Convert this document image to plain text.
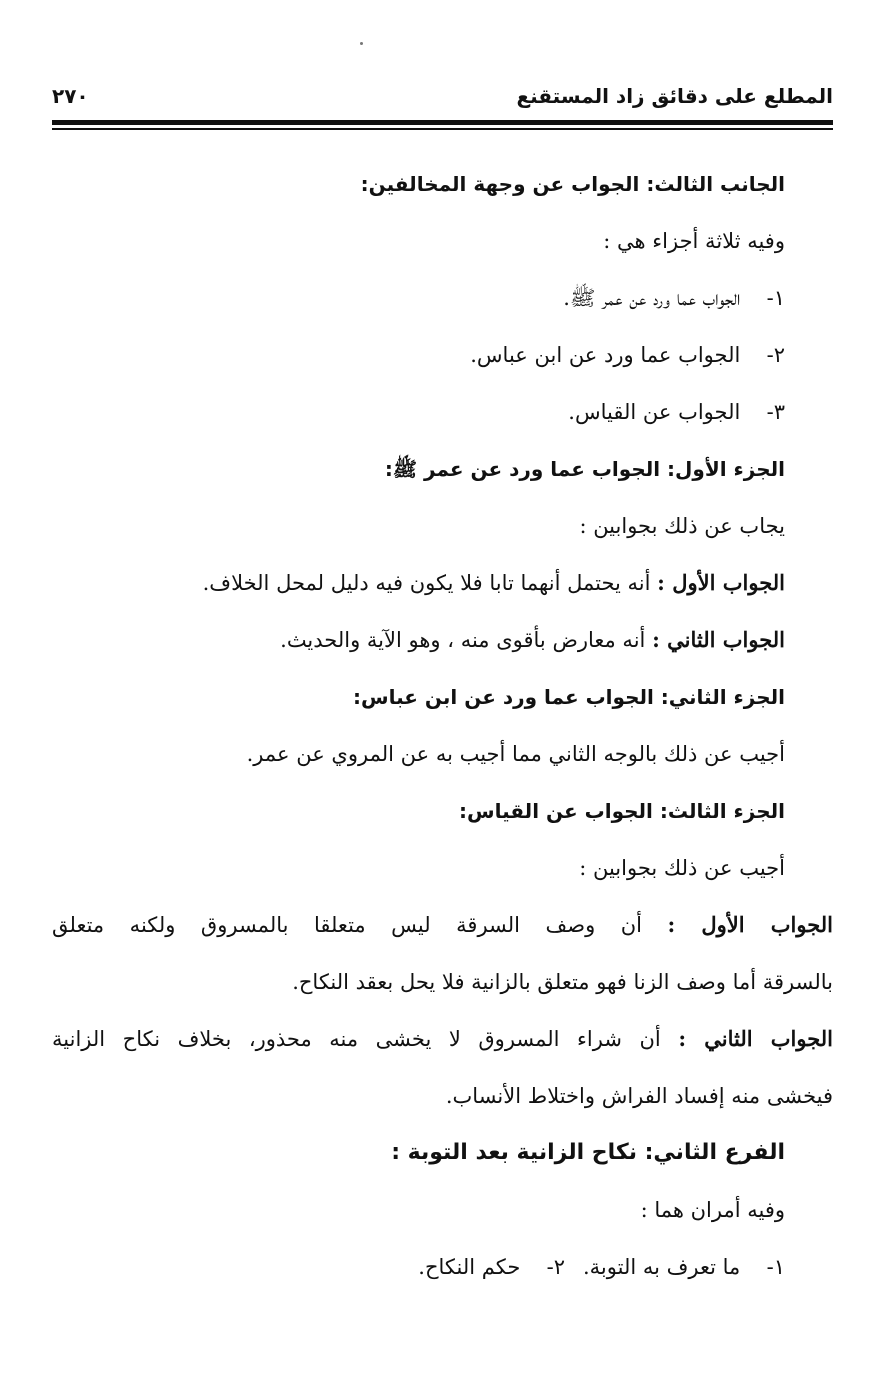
المطلع على دقائق زاد المستقنع
٢٧٠
الجانب الثالث: الجواب عن وجهة المخالفين:
وفيه ثلاثة أجزاء هي :
١- الجواب عما ورد عن عمر ﷺ.
٢- الجواب عما ورد عن ابن عباس.
٣- الجواب عن القياس.
الجزء الأول: الجواب عما ورد عن عمر ﷺ:
يجاب عن ذلك بجوابين :
الجواب الأول : أنه يحتمل أنهما تابا فلا يكون فيه دليل لمحل الخلاف.
الجواب الثاني : أنه معارض بأقوى منه ، وهو الآية والحديث.
الجزء الثاني: الجواب عما ورد عن ابن عباس:
أجيب عن ذلك بالوجه الثاني مما أجيب به عن المروي عن عمر.
الجزء الثالث: الجواب عن القياس:
أجيب عن ذلك بجوابين :
الجواب الأول : أن وصف السرقة ليس متعلقا بالمسروق ولكنه متعلق
بالسرقة أما وصف الزنا فهو متعلق بالزانية فلا يحل بعقد النكاح.
الجواب الثاني : أن شراء المسروق لا يخشى منه محذور، بخلاف نكاح الزانية
فيخشى منه إفساد الفراش واختلاط الأنساب.
الفرع الثاني: نكاح الزانية بعد التوبة :
وفيه أمران هما :
١- ما تعرف به التوبة.
٢- حكم النكاح.
